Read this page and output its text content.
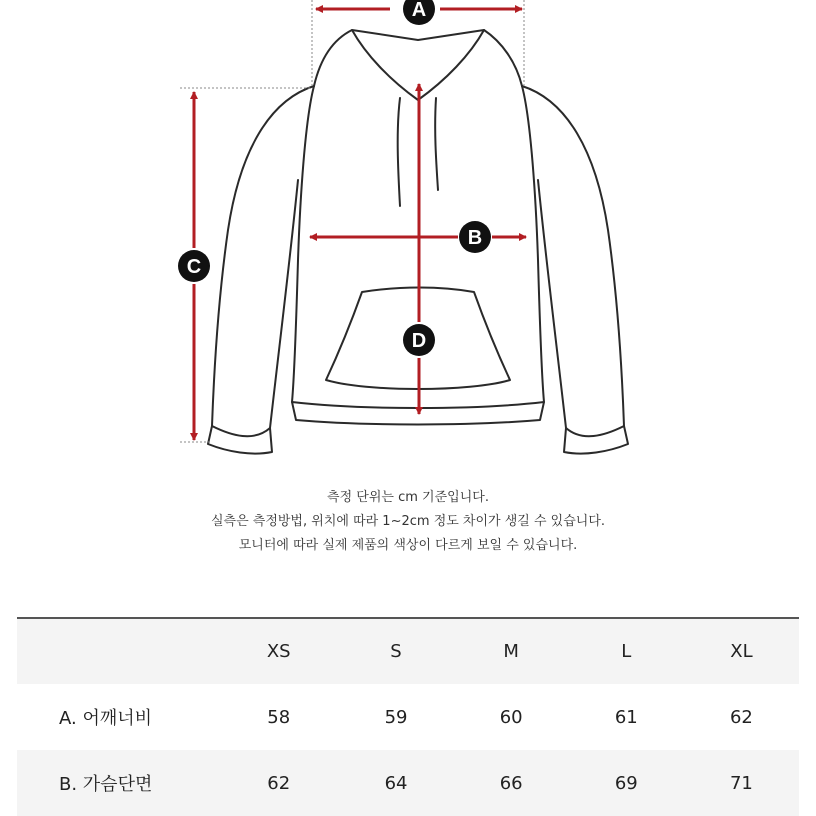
A
B
C
D
측정 단위는 cm 기준입니다.
실측은 측정방법, 위치에 따라 1~2cm 정도 차이가 생길 수 있습니다.
모니터에 따라 실제 제품의 색상이 다르게 보일 수 있습니다.
	XS	S	M	L	XL
A. 어깨너비	58	59	60	61	62
B. 가슴단면	62	64	66	69	71
